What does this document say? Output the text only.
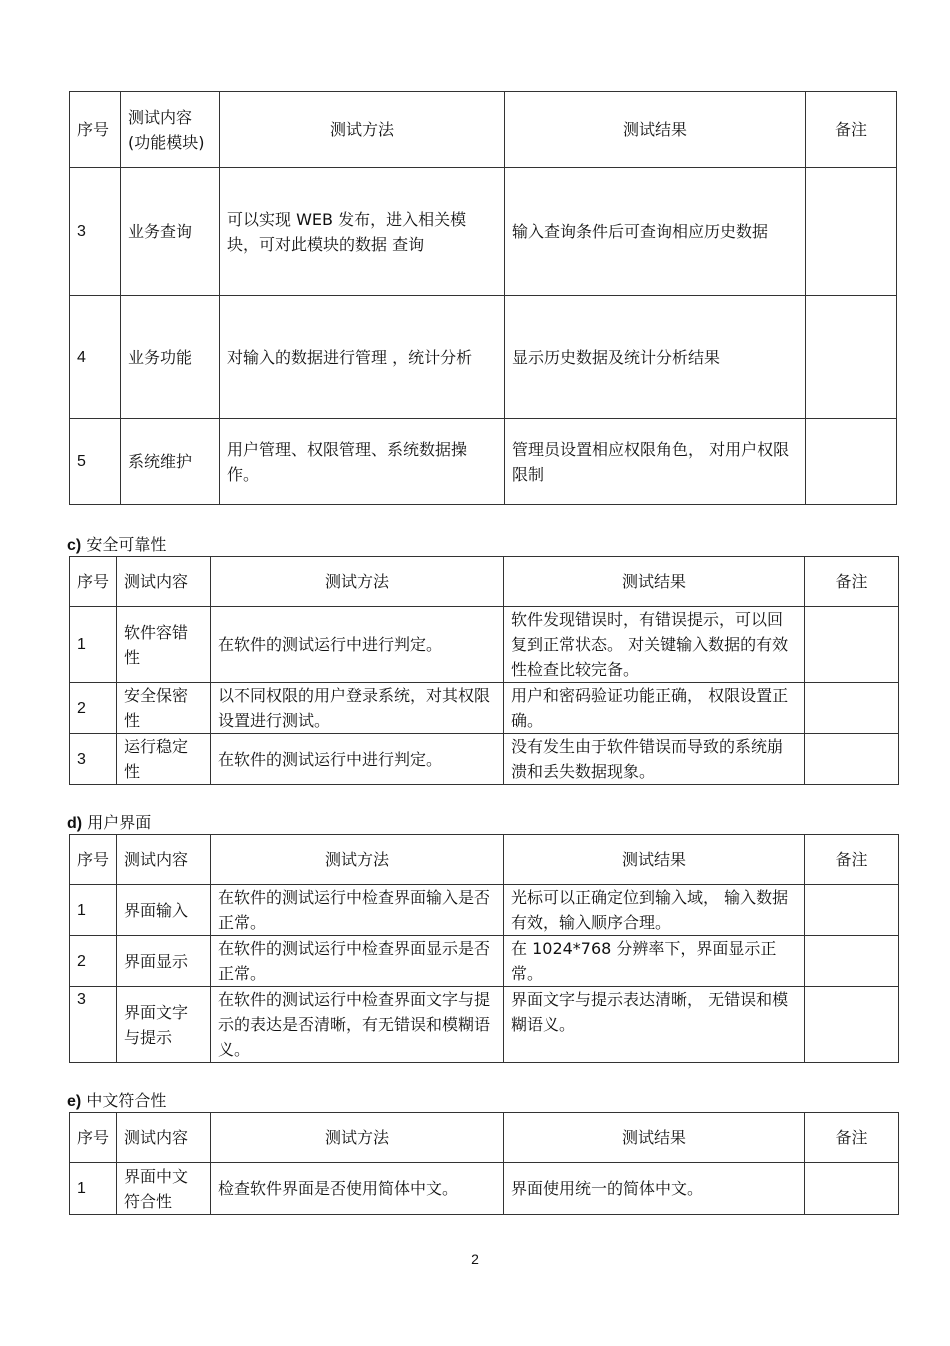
序号	测试内容(功能模块)	测试方法	测试结果	备注
3	业务查询	可以实现 WEB 发布，进入相关模块，可对此模块的数据 查询	输入查询条件后可查询相应历史数据	
4	业务功能	对输入的数据进行管理 ，统计分析	显示历史数据及统计分析结果	
5	系统维护	用户管理、权限管理、系统数据操作。	管理员设置相应权限角色， 对用户权限限制	
c) 安全可靠性
序号	测试内容	测试方法	测试结果	备注
1	软件容错性	在软件的测试运行中进行判定。	软件发现错误时，有错误提示，可以回复到正常状态。 对关键输入数据的有效性检查比较完备。	
2	安全保密性	以不同权限的用户登录系统，对其权限设置进行测试。	用户和密码验证功能正确， 权限设置正确。	
3	运行稳定性	在软件的测试运行中进行判定。	没有发生由于软件错误而导致的系统崩溃和丢失数据现象。	
d) 用户界面
序号	测试内容	测试方法	测试结果	备注
1	界面输入	在软件的测试运行中检查界面输入是否正常。	光标可以正确定位到输入域， 输入数据有效，输入顺序合理。	
2	界面显示	在软件的测试运行中检查界面显示是否正常。	在 1024*768 分辨率下，界面显示正常。	
3	界面文字与提示	在软件的测试运行中检查界面文字与提示的表达是否清晰，有无错误和模糊语义。	界面文字与提示表达清晰， 无错误和模糊语义。	
e) 中文符合性
序号	测试内容	测试方法	测试结果	备注
1	界面中文符合性	检查软件界面是否使用简体中文。	界面使用统一的简体中文。	
2
